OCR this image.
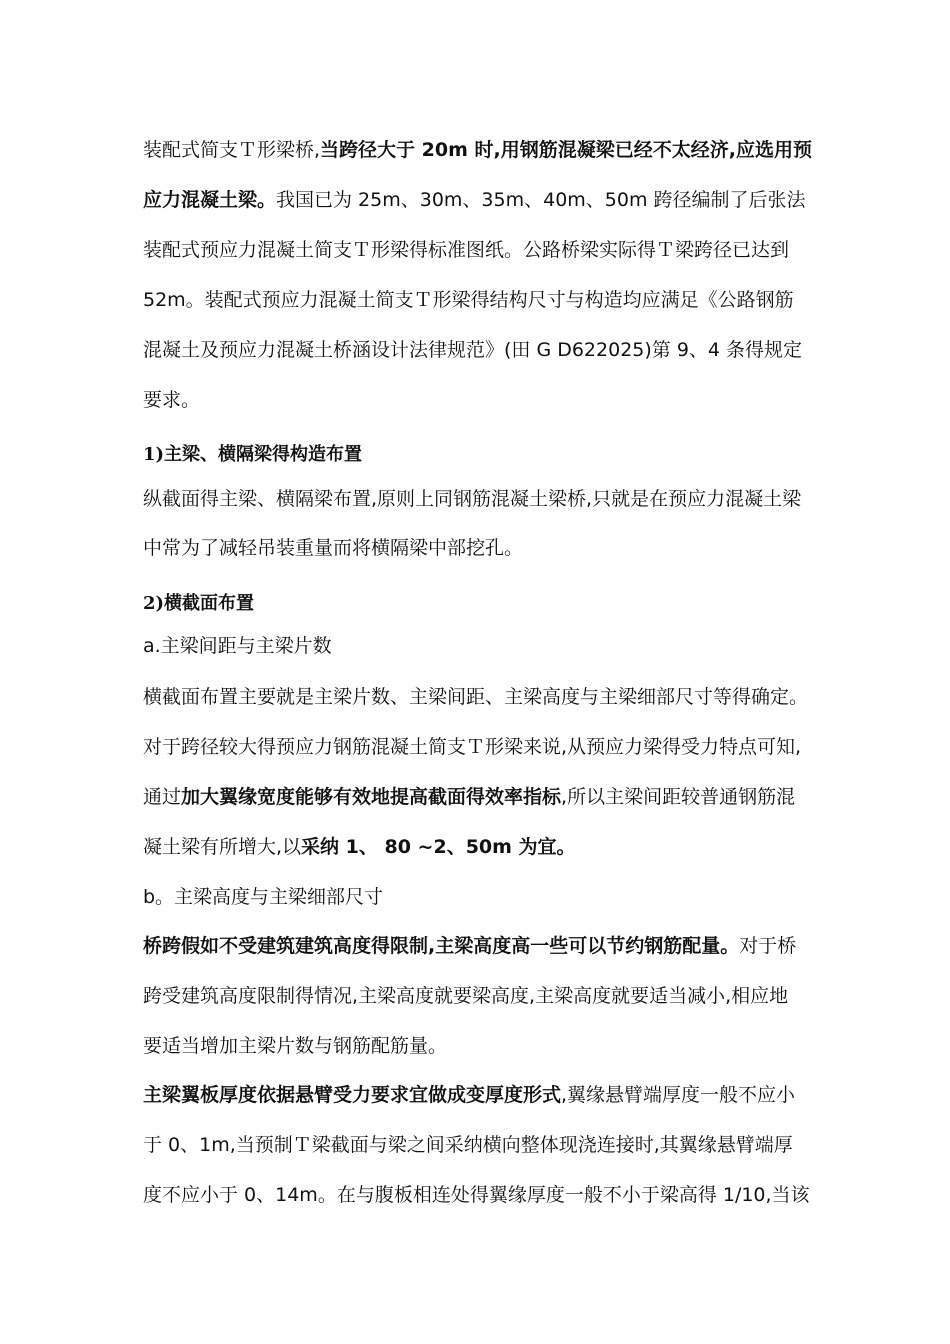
装配式简支Ｔ形梁桥,当跨径大于 20m 时,用钢筋混凝梁已经不太经济,应选用预
应力混凝土梁。我国已为 25m、30m、35m、40m、50m 跨径编制了后张法
装配式预应力混凝土简支Ｔ形梁得标准图纸。公路桥梁实际得Ｔ梁跨径已达到
52m。装配式预应力混凝土简支Ｔ形梁得结构尺寸与构造均应满足《公路钢筋
混凝土及预应力混凝土桥涵设计法律规范》(田 G D622025)第 9、4 条得规定
要求。
1)主梁、横隔梁得构造布置
纵截面得主梁、横隔梁布置,原则上同钢筋混凝土梁桥,只就是在预应力混凝土梁
中常为了减轻吊装重量而将横隔梁中部挖孔。
2)横截面布置
a.主梁间距与主梁片数
横截面布置主要就是主梁片数、主梁间距、主梁高度与主梁细部尺寸等得确定。
对于跨径较大得预应力钢筋混凝土简支Ｔ形梁来说,从预应力梁得受力特点可知,
通过加大翼缘宽度能够有效地提高截面得效率指标,所以主梁间距较普通钢筋混
凝土梁有所增大,以采纳 1、 80 ~2、50m 为宜。
b。主梁高度与主梁细部尺寸
桥跨假如不受建筑建筑高度得限制,主梁高度高一些可以节约钢筋配量。对于桥
跨受建筑高度限制得情况,主梁高度就要梁高度,主梁高度就要适当减小,相应地
要适当增加主梁片数与钢筋配筋量。
主梁翼板厚度依据悬臂受力要求宜做成变厚度形式,翼缘悬臂端厚度一般不应小
于 0、1m,当预制Ｔ梁截面与梁之间采纳横向整体现浇连接时,其翼缘悬臂端厚
度不应小于 0、14m。在与腹板相连处得翼缘厚度一般不小于梁高得 1/10,当该
